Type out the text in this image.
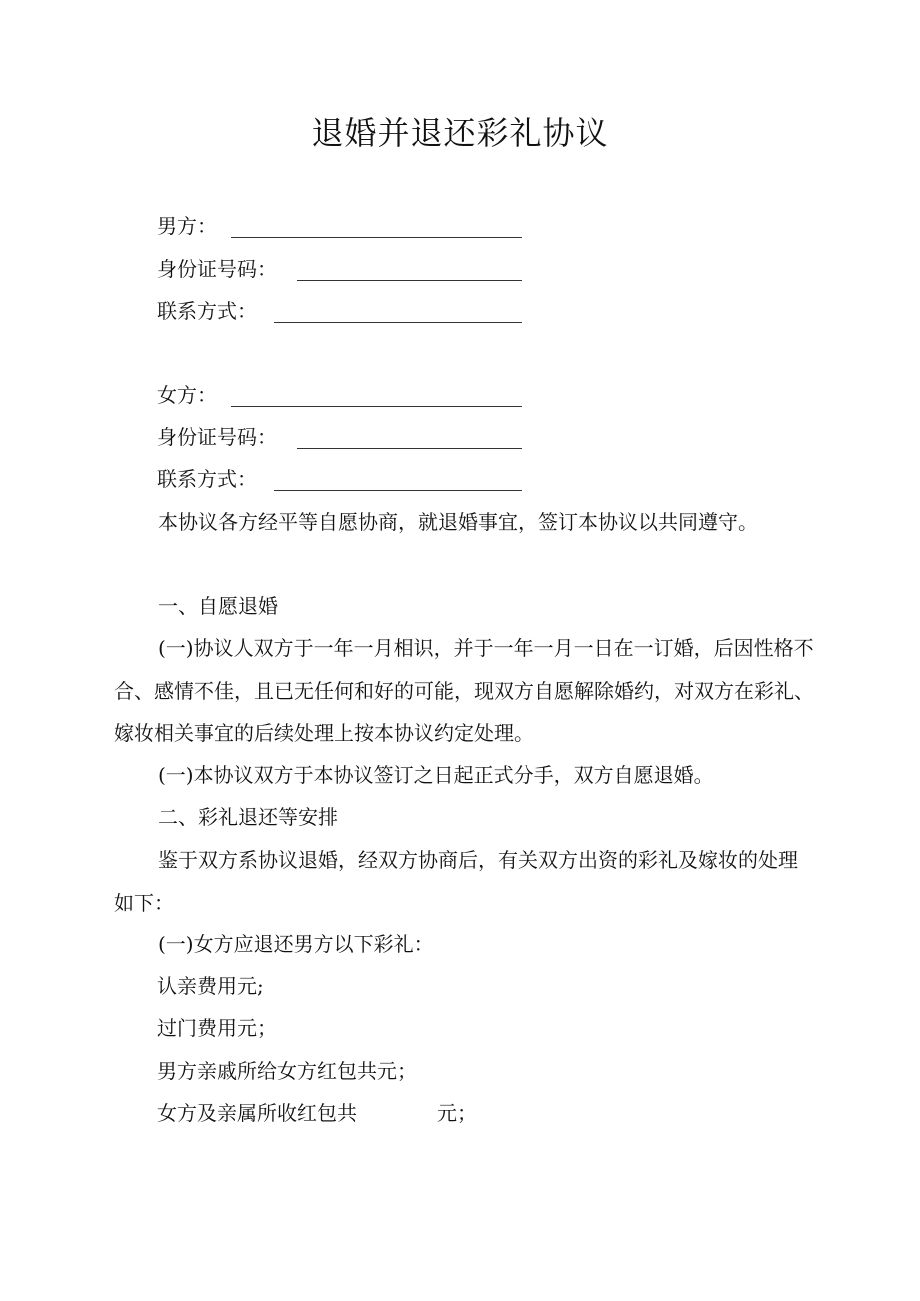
退婚并退还彩礼协议
男方：
身份证号码：
联系方式：
女方：
身份证号码：
联系方式：

本协议各方经平等自愿协商，就退婚事宜，签订本协议以共同遵守。

一、自愿退婚

(一)协议人双方于一年一月相识，并于一年一月一日在一订婚，后因性格不合、感情不佳，且已无任何和好的可能，现双方自愿解除婚约，对双方在彩礼、嫁妆相关事宜的后续处理上按本协议约定处理。

(一)本协议双方于本协议签订之日起正式分手，双方自愿退婚。

二、彩礼退还等安排

鉴于双方系协议退婚，经双方协商后，有关双方出资的彩礼及嫁妆的处理如下：

(一)女方应退还男方以下彩礼：

认亲费用元;
过门费用元；
男方亲戚所给女方红包共元；
女方及亲属所收红包共	元；
